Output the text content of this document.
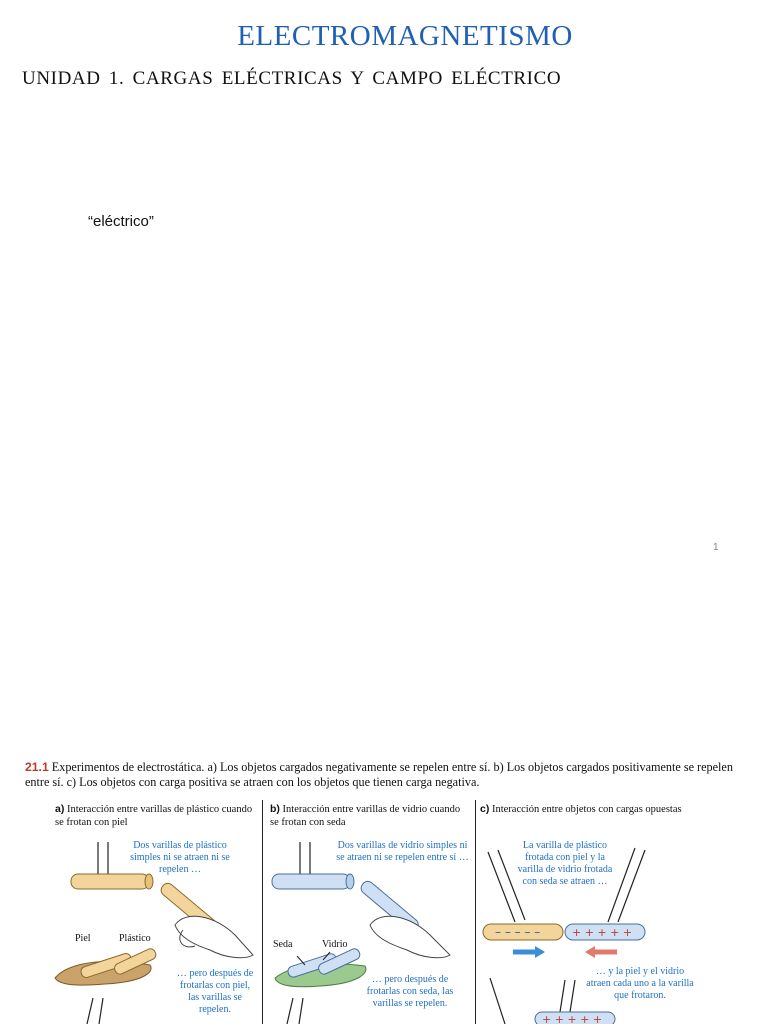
ELECTROMAGNETISMO
UNIDAD 1. CARGAS ELÉCTRICAS Y CAMPO ELÉCTRICO
“eléctrico”
1
21.1 Experimentos de electrostática. a) Los objetos cargados negativamente se repelen entre sí. b) Los objetos cargados positivamente se repelen entre sí. c) Los objetos con carga positiva se atraen con los objetos que tienen carga negativa.
a) Interacción entre varillas de plástico cuando se frotan con piel
b) Interacción entre varillas de vidrio cuando se frotan con seda
c) Interacción entre objetos con cargas opuestas
– – – – –	+ + + + +
+ + + + +
Dos varillas de plástico simples ni se atraen ni se repelen …
Piel	Plástico
… pero después de frotarlas con piel, las varillas se repelen.
Dos varillas de vidrio simples ni se atraen ni se repelen entre sí …
Seda	Vidrio
… pero después de frotarlas con seda, las varillas se repelen.
La varilla de plástico frotada con piel y la varilla de vidrio frotada con seda se atraen …
… y la piel y el vidrio atraen cada uno a la varilla que frotaron.
